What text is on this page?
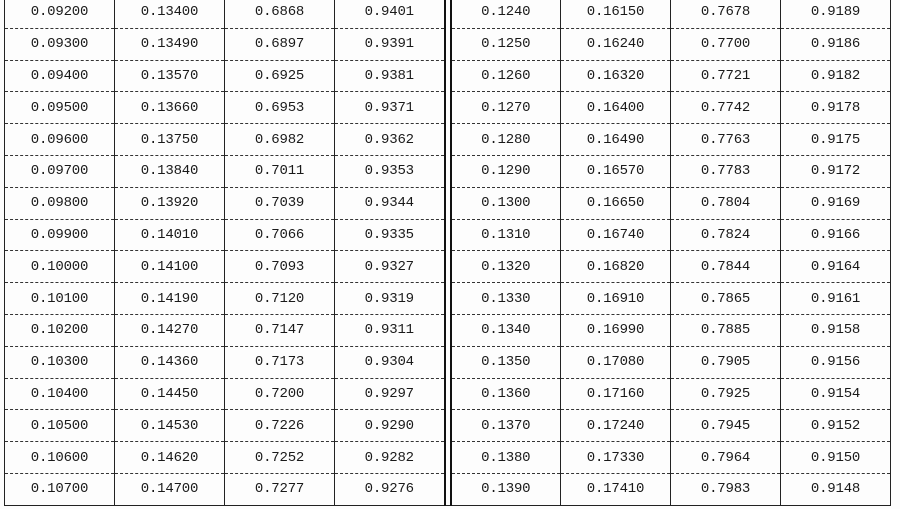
0.09200	0.13400	0.6868	0.9401		0.1240	0.16150	0.7678	0.9189
0.09300	0.13490	0.6897	0.9391		0.1250	0.16240	0.7700	0.9186
0.09400	0.13570	0.6925	0.9381		0.1260	0.16320	0.7721	0.9182
0.09500	0.13660	0.6953	0.9371		0.1270	0.16400	0.7742	0.9178
0.09600	0.13750	0.6982	0.9362		0.1280	0.16490	0.7763	0.9175
0.09700	0.13840	0.7011	0.9353		0.1290	0.16570	0.7783	0.9172
0.09800	0.13920	0.7039	0.9344		0.1300	0.16650	0.7804	0.9169
0.09900	0.14010	0.7066	0.9335		0.1310	0.16740	0.7824	0.9166
0.10000	0.14100	0.7093	0.9327		0.1320	0.16820	0.7844	0.9164
0.10100	0.14190	0.7120	0.9319		0.1330	0.16910	0.7865	0.9161
0.10200	0.14270	0.7147	0.9311		0.1340	0.16990	0.7885	0.9158
0.10300	0.14360	0.7173	0.9304		0.1350	0.17080	0.7905	0.9156
0.10400	0.14450	0.7200	0.9297		0.1360	0.17160	0.7925	0.9154
0.10500	0.14530	0.7226	0.9290		0.1370	0.17240	0.7945	0.9152
0.10600	0.14620	0.7252	0.9282		0.1380	0.17330	0.7964	0.9150
0.10700	0.14700	0.7277	0.9276		0.1390	0.17410	0.7983	0.9148
